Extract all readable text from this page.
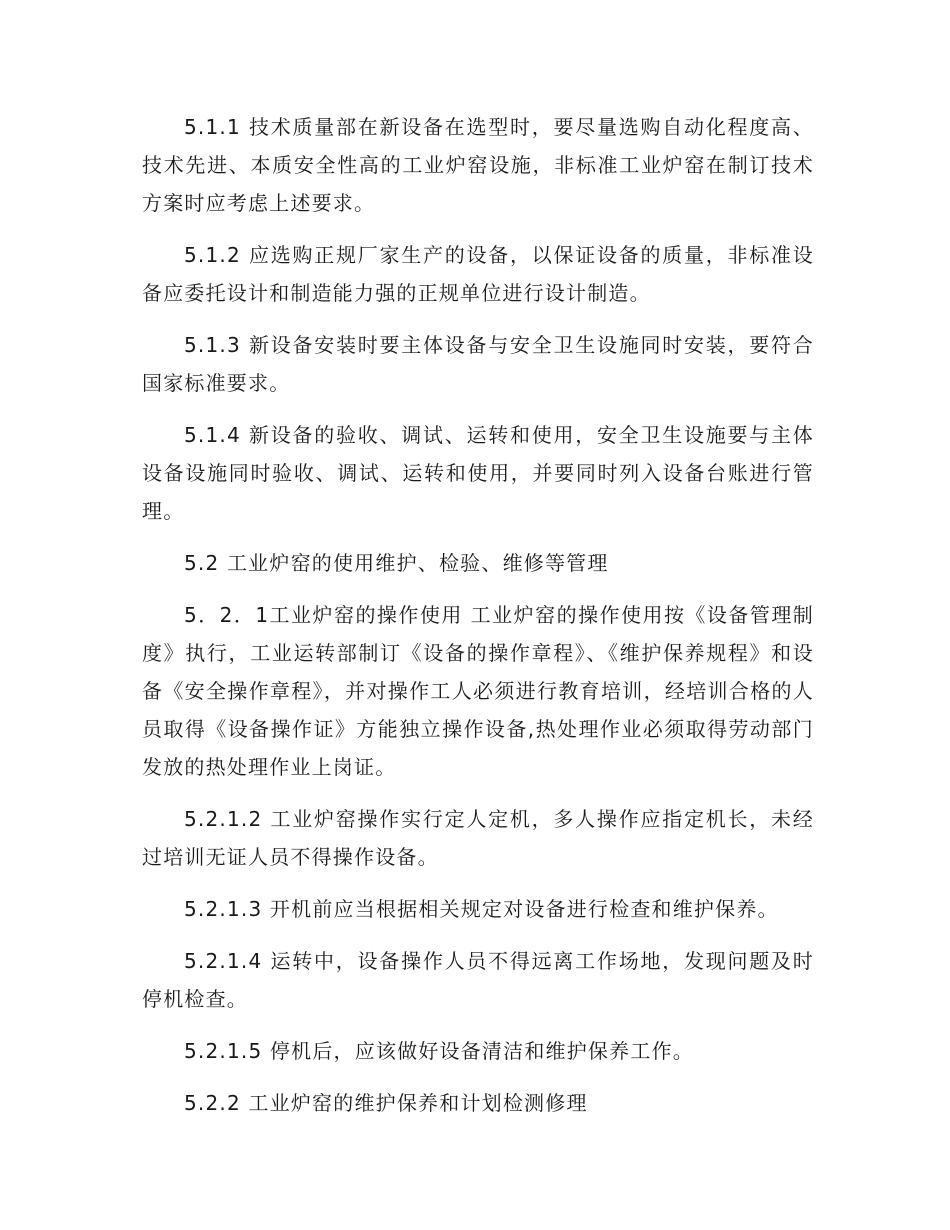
5.1.1 技术质量部在新设备在选型时，要尽量选购自动化程度高、技术先进、本质安全性高的工业炉窑设施，非标准工业炉窑在制订技术方案时应考虑上述要求。

5.1.2 应选购正规厂家生产的设备，以保证设备的质量，非标准设备应委托设计和制造能力强的正规单位进行设计制造。

5.1.3 新设备安装时要主体设备与安全卫生设施同时安装，要符合国家标准要求。

5.1.4 新设备的验收、调试、运转和使用，安全卫生设施要与主体设备设施同时验收、调试、运转和使用，并要同时列入设备台账进行管理。

5.2 工业炉窑的使用维护、检验、维修等管理

5．2．1工业炉窑的操作使用 工业炉窑的操作使用按《设备管理制度》执行，工业运转部制订《设备的操作章程》、《维护保养规程》和设备《安全操作章程》，并对操作工人必须进行教育培训，经培训合格的人员取得《设备操作证》方能独立操作设备,热处理作业必须取得劳动部门发放的热处理作业上岗证。

5.2.1.2 工业炉窑操作实行定人定机，多人操作应指定机长，未经过培训无证人员不得操作设备。

5.2.1.3 开机前应当根据相关规定对设备进行检查和维护保养。

5.2.1.4 运转中，设备操作人员不得远离工作场地，发现问题及时停机检查。

5.2.1.5 停机后，应该做好设备清洁和维护保养工作。

5.2.2 工业炉窑的维护保养和计划检测修理
